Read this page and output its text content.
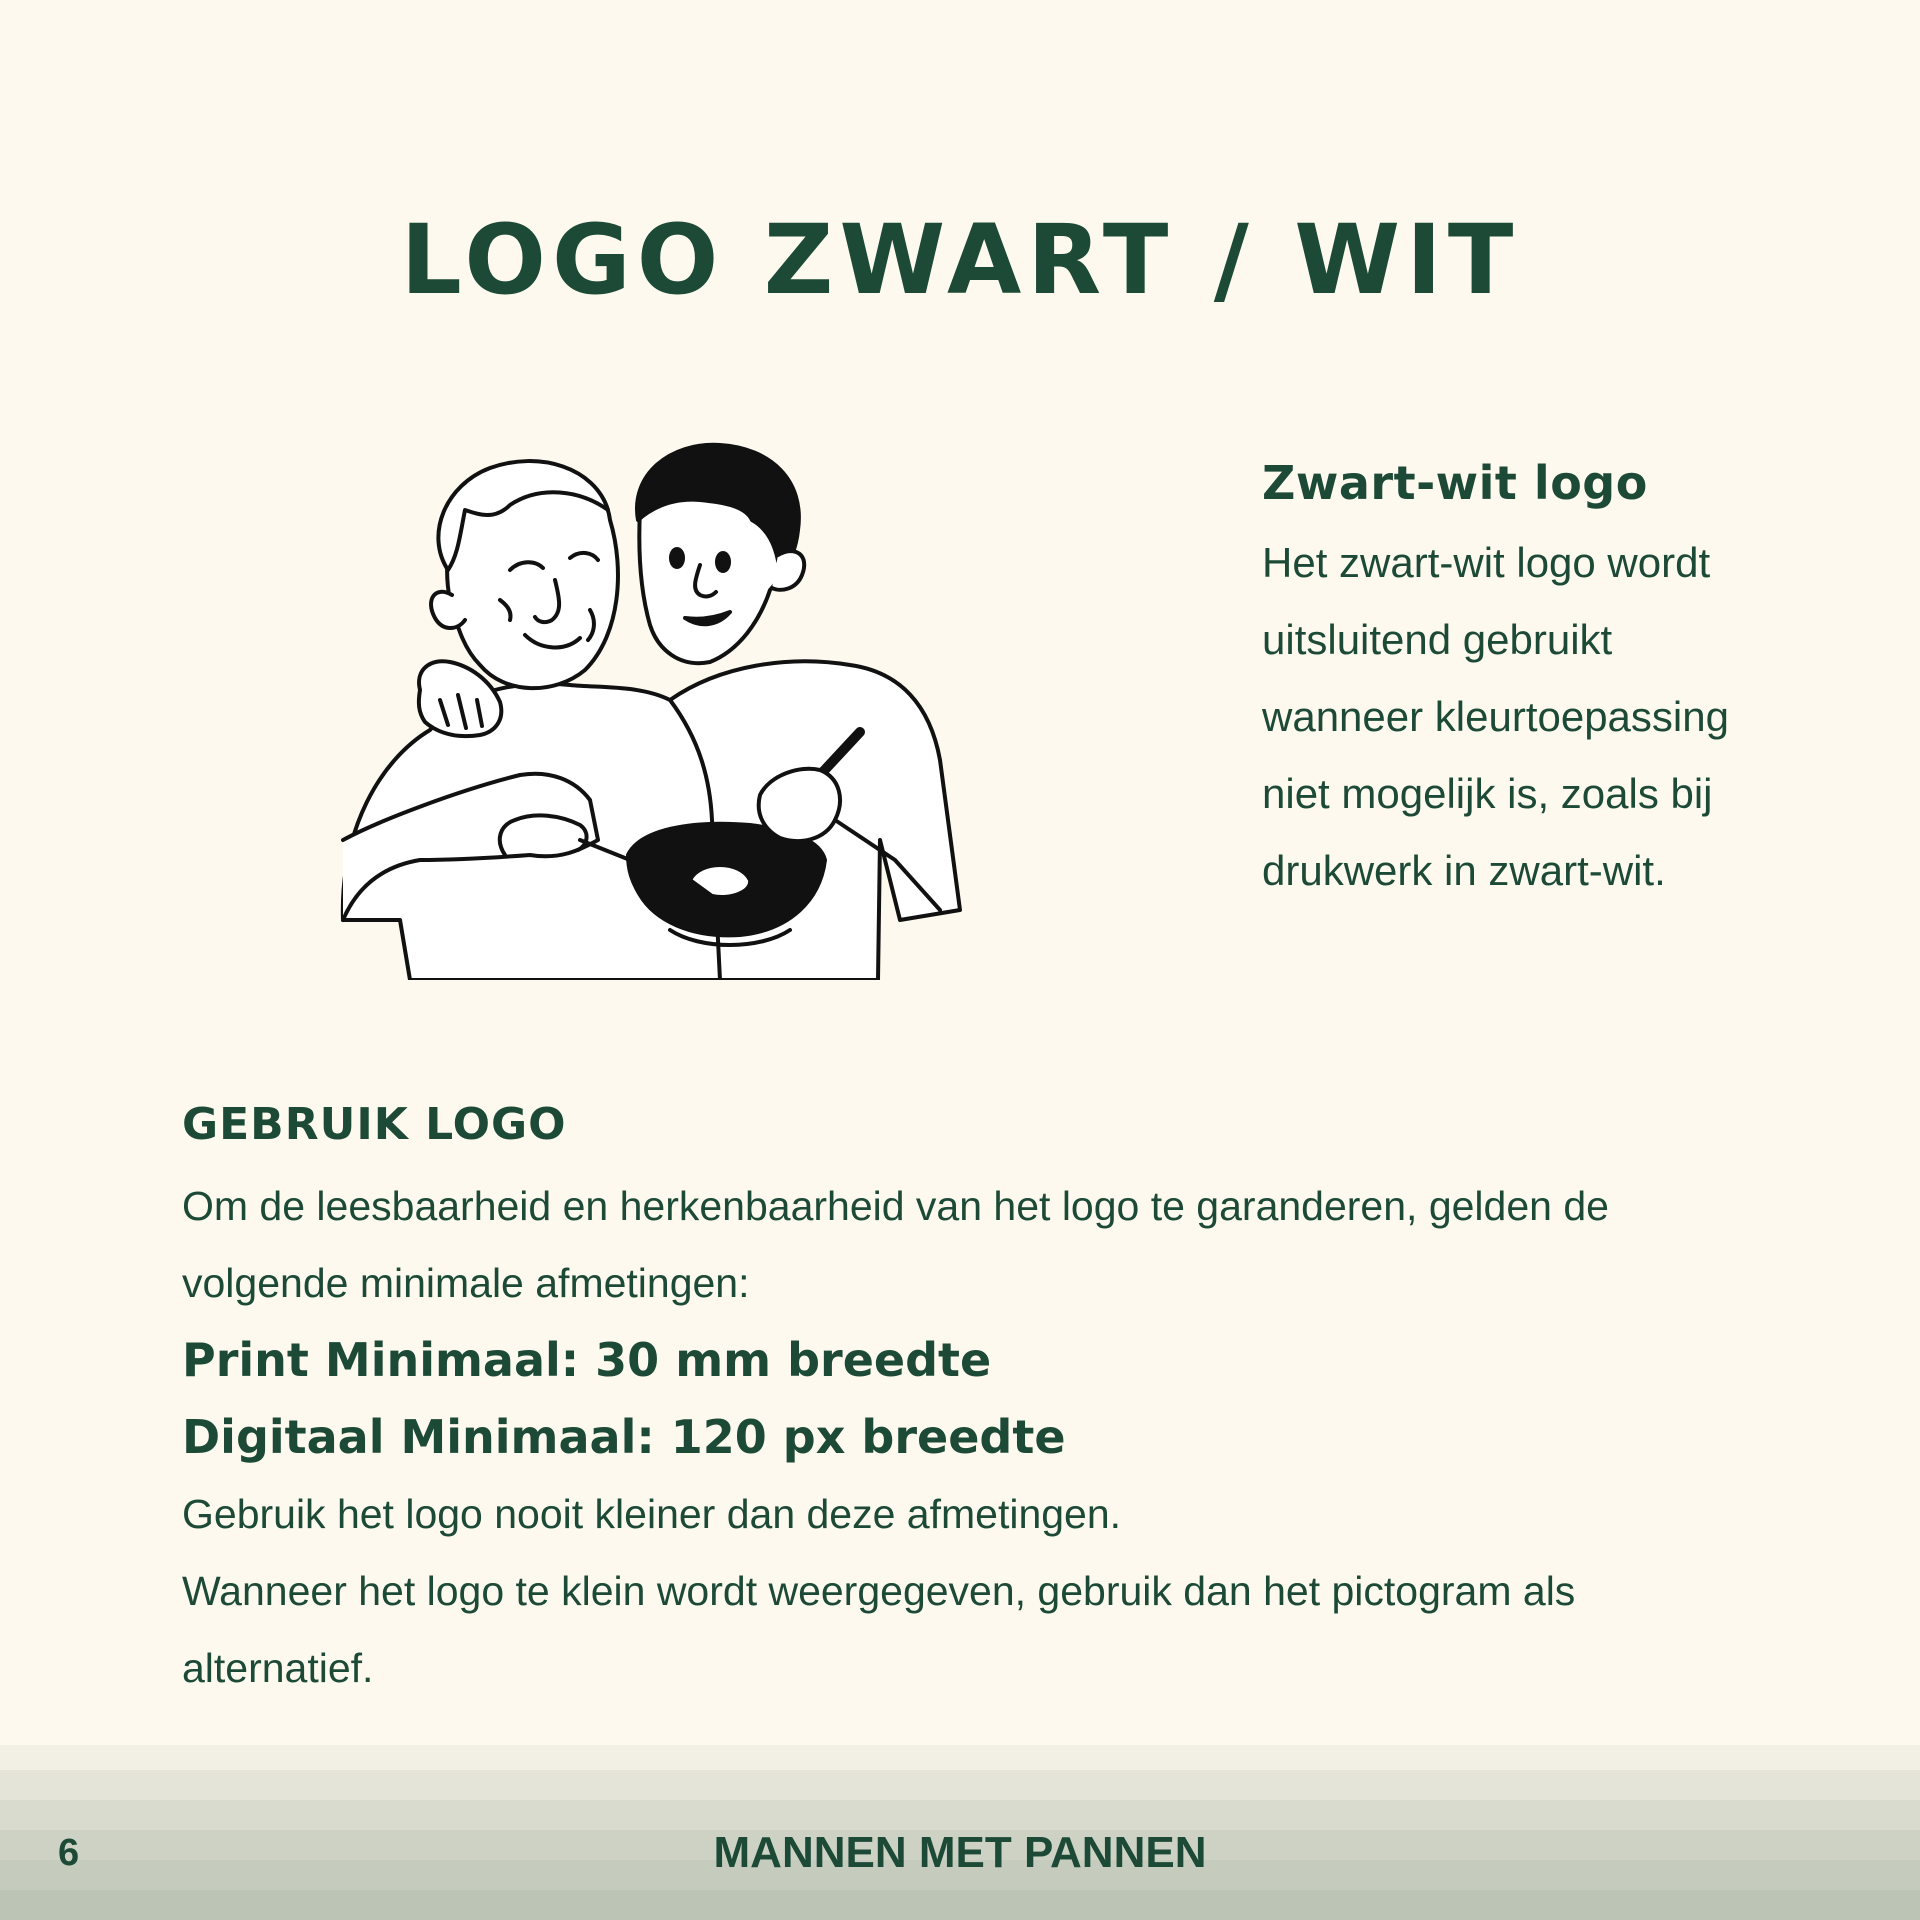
LOGO ZWART / WIT

Zwart-wit logo

Het zwart-wit logo wordt

uitsluitend gebruikt

wanneer kleurtoepassing

niet mogelijk is, zoals bij

drukwerk in zwart-wit.

GEBRUIK LOGO

Om de leesbaarheid en herkenbaarheid van het logo te garanderen, gelden de

volgende minimale afmetingen:

Print Minimaal: 30 mm breedte

Digitaal Minimaal: 120 px breedte

Gebruik het logo nooit kleiner dan deze afmetingen.

Wanneer het logo te klein wordt weergegeven, gebruik dan het pictogram als

alternatief.

6	MANNEN MET PANNEN
